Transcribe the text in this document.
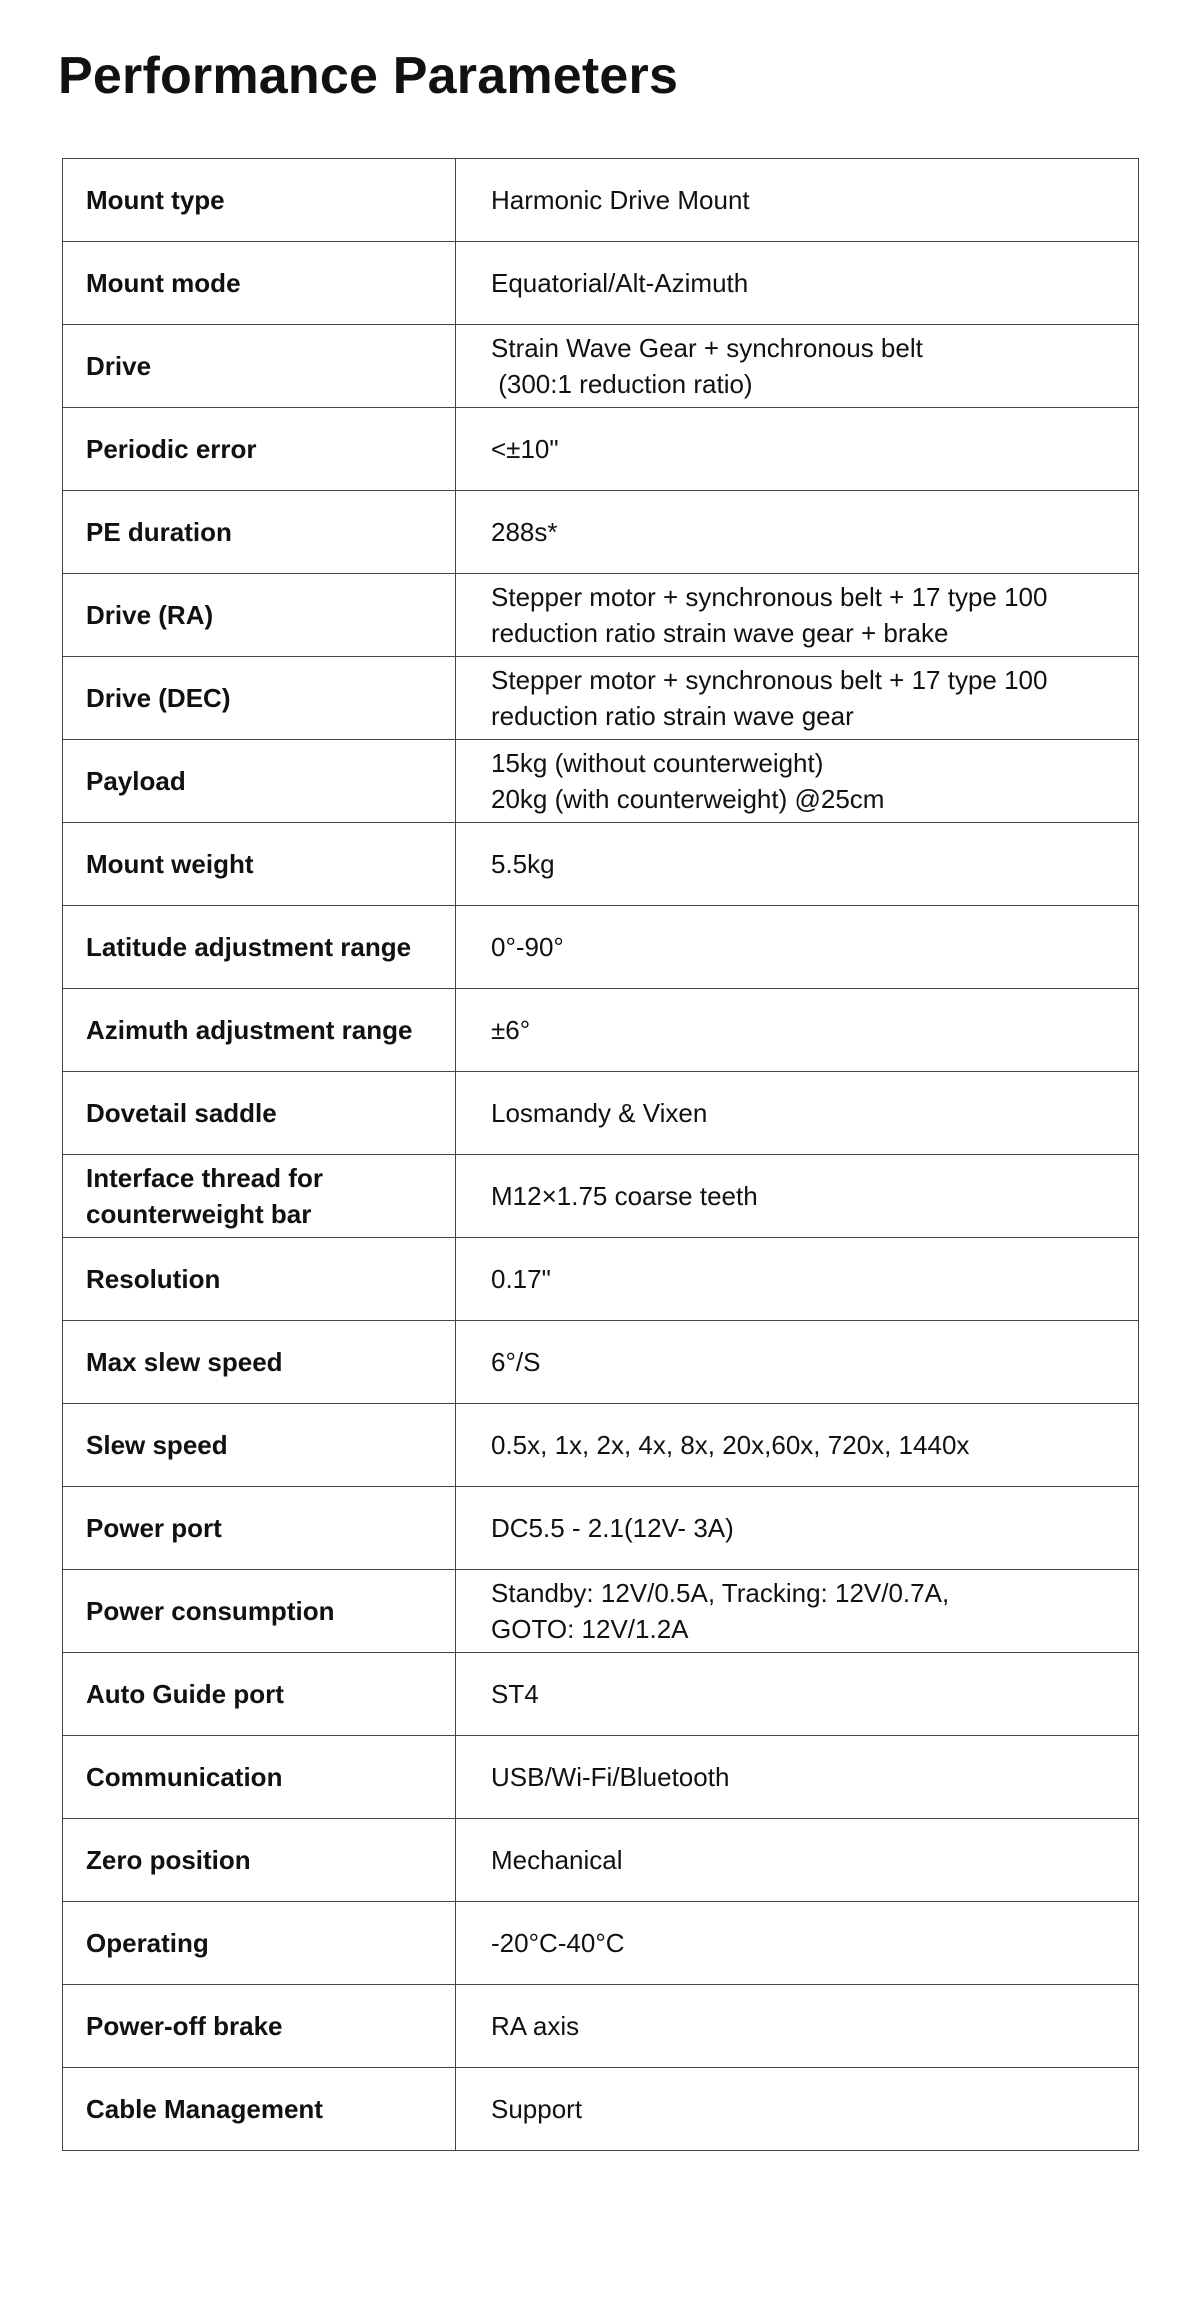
Performance Parameters
Mount type	Harmonic Drive Mount

Mount mode	Equatorial/Alt-Azimuth

Drive	Strain Wave Gear + synchronous belt
(300:1 reduction ratio)

Periodic error	<±10"

PE duration	288s*

Drive (RA)	Stepper motor + synchronous belt + 17 type 100
reduction ratio strain wave gear + brake

Drive (DEC)	Stepper motor + synchronous belt + 17 type 100
reduction ratio strain wave gear

Payload	15kg (without counterweight)
20kg (with counterweight) @25cm

Mount weight	5.5kg

Latitude adjustment range	0°-90°

Azimuth adjustment range	±6°

Dovetail saddle	Losmandy & Vixen

Interface thread for
counterweight bar	M12×1.75 coarse teeth

Resolution	0.17"

Max slew speed	6°/S

Slew speed	0.5x, 1x, 2x, 4x, 8x, 20x,60x, 720x, 1440x

Power port	DC5.5 - 2.1(12V- 3A)

Power consumption	Standby: 12V/0.5A, Tracking: 12V/0.7A,
GOTO: 12V/1.2A

Auto Guide port	ST4

Communication	USB/Wi-Fi/Bluetooth

Zero position	Mechanical

Operating	-20°C-40°C

Power-off brake	RA axis

Cable Management	Support
